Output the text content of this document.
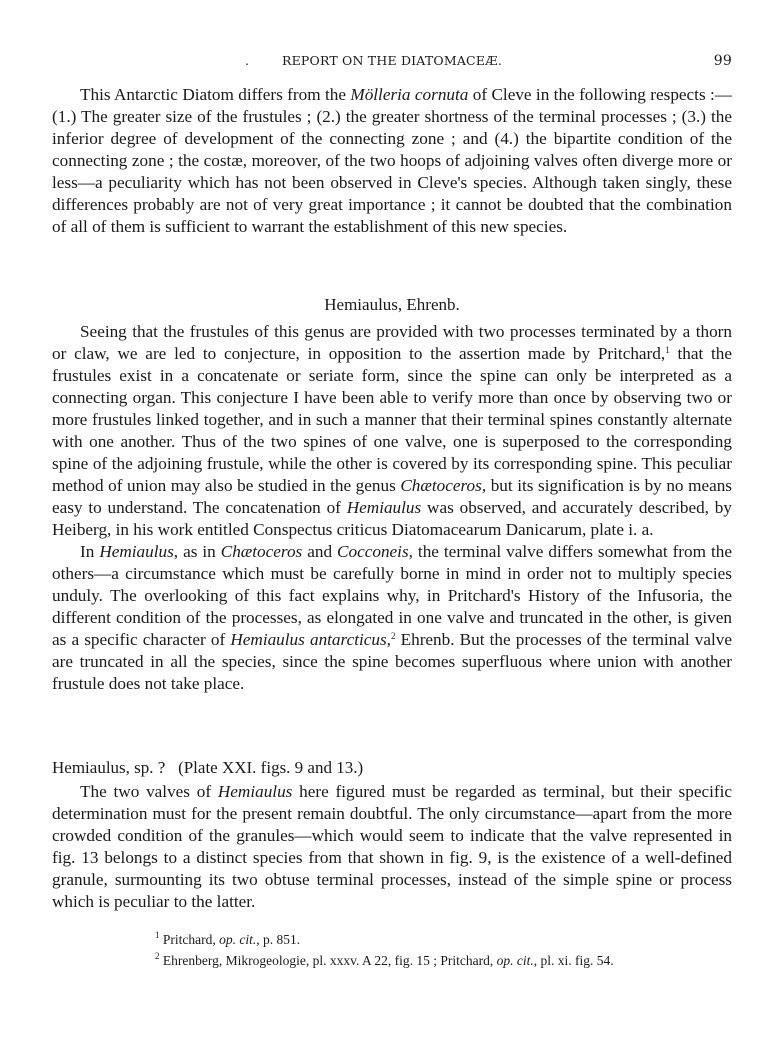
.	REPORT ON THE DIATOMACEÆ.	99

This Antarctic Diatom differs from the Mölleria cornuta of Cleve in the following respects :—(1.) The greater size of the frustules ; (2.) the greater shortness of the terminal processes ; (3.) the inferior degree of development of the connecting zone ; and (4.) the bipartite condition of the connecting zone ; the costæ, moreover, of the two hoops of adjoining valves often diverge more or less—a peculiarity which has not been observed in Cleve's species. Although taken singly, these differences probably are not of very great importance ; it cannot be doubted that the combination of all of them is sufficient to warrant the establishment of this new species.

Hemiaulus, Ehrenb.

Seeing that the frustules of this genus are provided with two processes terminated by a thorn or claw, we are led to conjecture, in opposition to the assertion made by Pritchard,$^1$ that the frustules exist in a concatenate or seriate form, since the spine can only be interpreted as a connecting organ. This conjecture I have been able to verify more than once by observing two or more frustules linked together, and in such a manner that their terminal spines constantly alternate with one another. Thus of the two spines of one valve, one is superposed to the corresponding spine of the adjoining frustule, while the other is covered by its corresponding spine. This peculiar method of union may also be studied in the genus Chætoceros, but its signification is by no means easy to understand. The concatenation of Hemiaulus was observed, and accurately described, by Heiberg, in his work entitled Conspectus criticus Diatomacearum Danicarum, plate i. a.

In Hemiaulus, as in Chætoceros and Cocconeis, the terminal valve differs somewhat from the others—a circumstance which must be carefully borne in mind in order not to multiply species unduly. The overlooking of this fact explains why, in Pritchard's History of the Infusoria, the different condition of the processes, as elongated in one valve and truncated in the other, is given as a specific character of Hemiaulus antarcticus,$^2$ Ehrenb. But the processes of the terminal valve are truncated in all the species, since the spine becomes superfluous where union with another frustule does not take place.

Hemiaulus, sp. ?   (Plate XXI. figs. 9 and 13.)

The two valves of Hemiaulus here figured must be regarded as terminal, but their specific determination must for the present remain doubtful. The only circumstance—apart from the more crowded condition of the granules—which would seem to indicate that the valve represented in fig. 13 belongs to a distinct species from that shown in fig. 9, is the existence of a well-defined granule, surmounting its two obtuse terminal processes, instead of the simple spine or process which is peculiar to the latter.

$^1$ Pritchard, op. cit., p. 851.

$^2$ Ehrenberg, Mikrogeologie, pl. xxxv. A 22, fig. 15 ; Pritchard, op. cit., pl. xi. fig. 54.
